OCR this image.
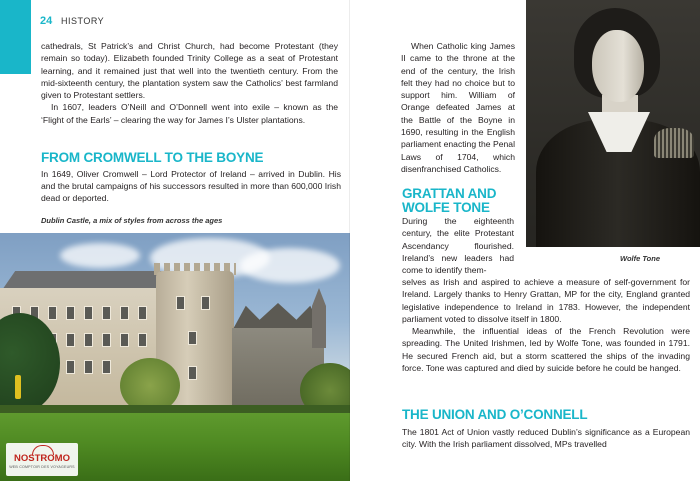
24 HISTORY

cathedrals, St Patrick’s and Christ Church, had become Protestant (they remain so today). Elizabeth founded Trinity College as a seat of Protestant learning, and it remained just that well into the twentieth century. From the mid-sixteenth century, the plantation system saw the Catholics’ best farmland given to Protestant settlers.

In 1607, leaders O’Neill and O’Donnell went into exile – known as the ‘Flight of the Earls’ – clearing the way for James I’s Ulster plantations.

FROM CROMWELL TO THE BOYNE

In 1649, Oliver Cromwell – Lord Protector of Ireland – arrived in Dublin. His and the brutal campaigns of his successors resulted in more than 600,000 Irish dead or deported.

Dublin Castle, a mix of styles from across the ages
NOSTROMO
WEB COMPTOIR DES VOYAGEURS

When Catholic king James II came to the throne at the end of the century, the Irish felt they had no choice but to support him. William of Orange defeated James at the Battle of the Boyne in 1690, resulting in the English parliament enacting the Penal Laws of 1704, which disenfranchised Catholics.

GRATTAN AND WOLFE TONE

During the eighteenth century, the elite Protestant Ascendancy flourished. Ireland’s new leaders had come to identify them-

selves as Irish and aspired to achieve a measure of self-government for Ireland. Largely thanks to Henry Grattan, MP for the city, England granted legislative independence to Ireland in 1783. However, the independent parliament voted to dissolve itself in 1800.

Meanwhile, the influential ideas of the French Revolution were spreading. The United Irishmen, led by Wolfe Tone, was founded in 1791. He secured French aid, but a storm scattered the ships of the invading force. Tone was captured and died by suicide before he could be hanged.

THE UNION AND O’CONNELL

The 1801 Act of Union vastly reduced Dublin’s significance as a European city. With the Irish parliament dissolved, MPs travelled

Wolfe Tone
